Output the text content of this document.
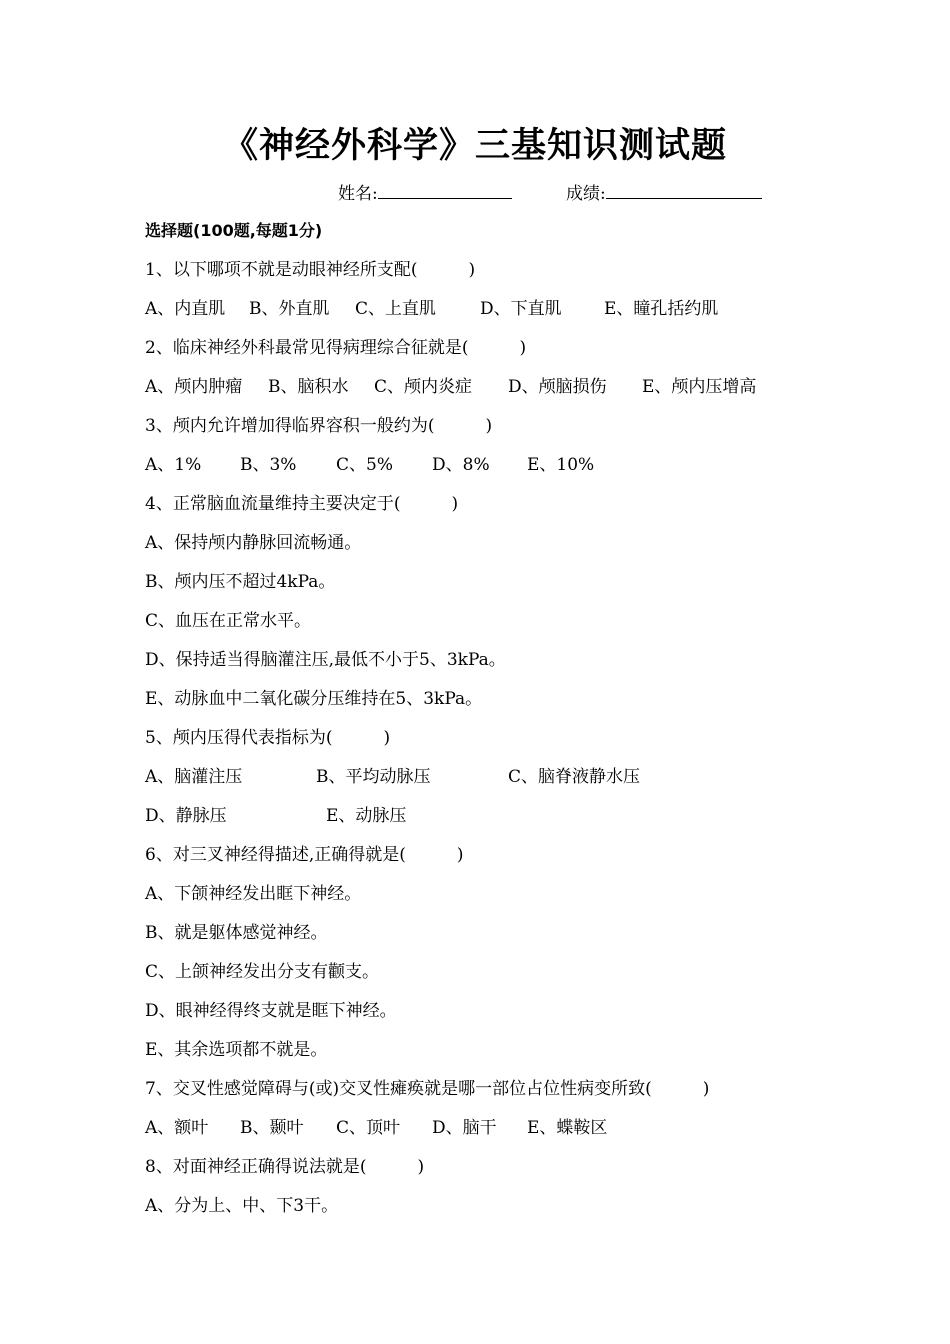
《神经外科学》三基知识测试题
姓名:	成绩:
选择题(100题,每题1分)
1、以下哪项不就是动眼神经所支配(　　　)
A、内直肌 B、外直肌 C、上直肌	D、下直肌 E、瞳孔括约肌
2、临床神经外科最常见得病理综合征就是(　　　)
A、颅内肿瘤 B、脑积水 C、颅内炎症 D、颅脑损伤 E、颅内压增高
3、颅内允许增加得临界容积一般约为(　　　)
A、1% B、3% C、5% D、8% E、10%
4、正常脑血流量维持主要决定于(　　　)
A、保持颅内静脉回流畅通。
B、颅内压不超过4kPa。
C、血压在正常水平。
D、保持适当得脑灌注压,最低不小于5、3kPa。
E、动脉血中二氧化碳分压维持在5、3kPa。
5、颅内压得代表指标为(　　　)
A、脑灌注压	B、平均动脉压	C、脑脊液静水压
D、静脉压	E、动脉压
6、对三叉神经得描述,正确得就是(　　　)
A、下颌神经发出眶下神经。
B、就是躯体感觉神经。
C、上颌神经发出分支有颧支。
D、眼神经得终支就是眶下神经。
E、其余选项都不就是。
7、交叉性感觉障碍与(或)交叉性瘫痪就是哪一部位占位性病变所致(　　　)
A、额叶 B、颞叶 C、顶叶 D、脑干 E、蝶鞍区
8、对面神经正确得说法就是(　　　)
A、分为上、中、下3干。
